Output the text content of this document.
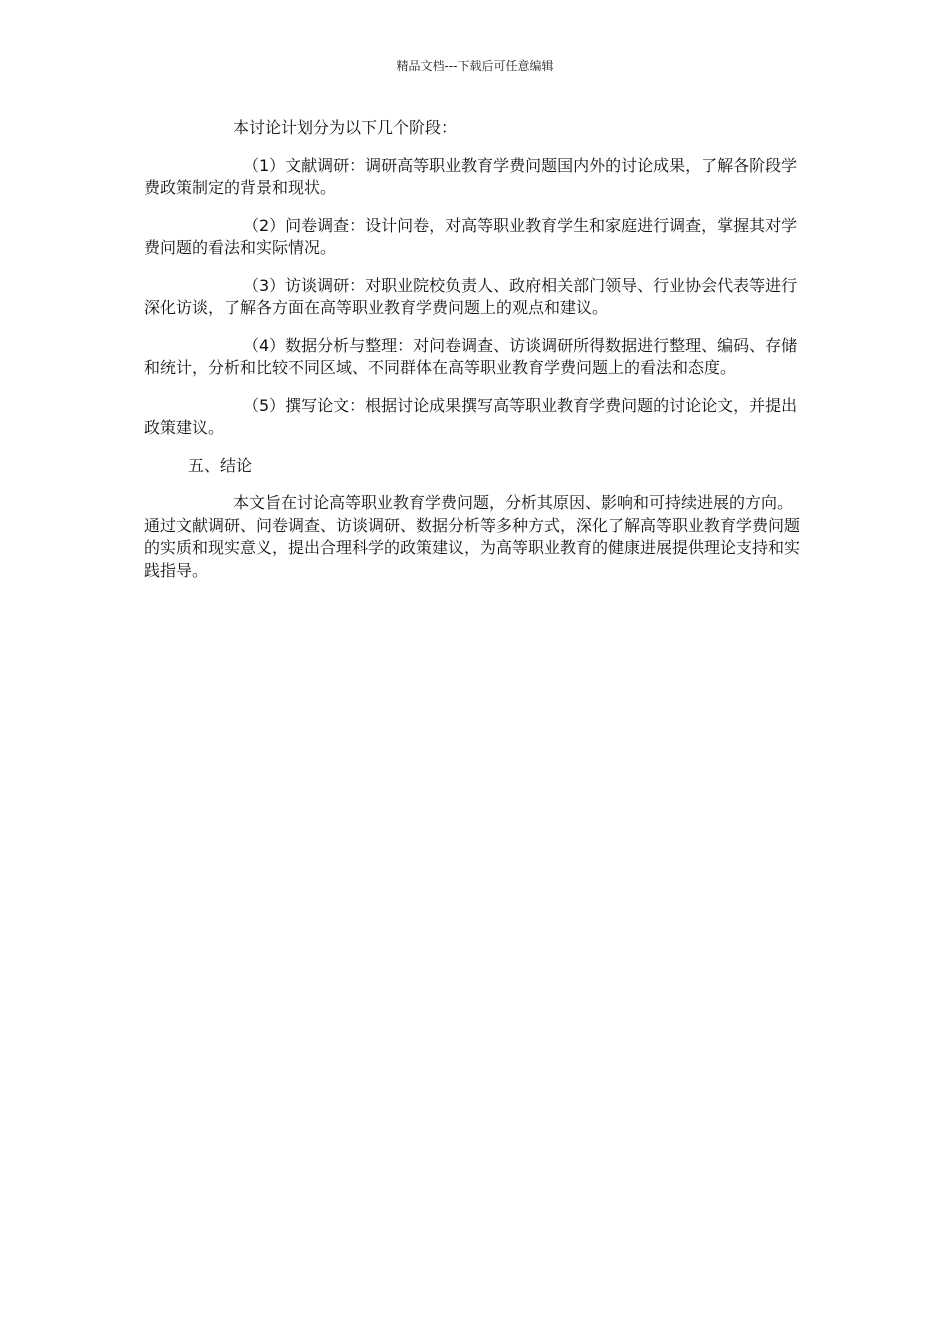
精品文档---下载后可任意编辑

本讨论计划分为以下几个阶段：

（1）文献调研：调研高等职业教育学费问题国内外的讨论成果，了解各阶段学费政策制定的背景和现状。

（2）问卷调查：设计问卷，对高等职业教育学生和家庭进行调查，掌握其对学费问题的看法和实际情况。

（3）访谈调研：对职业院校负责人、政府相关部门领导、行业协会代表等进行深化访谈，了解各方面在高等职业教育学费问题上的观点和建议。

（4）数据分析与整理：对问卷调查、访谈调研所得数据进行整理、编码、存储和统计，分析和比较不同区域、不同群体在高等职业教育学费问题上的看法和态度。

（5）撰写论文：根据讨论成果撰写高等职业教育学费问题的讨论论文，并提出政策建议。

五、结论

本文旨在讨论高等职业教育学费问题，分析其原因、影响和可持续进展的方向。通过文献调研、问卷调查、访谈调研、数据分析等多种方式，深化了解高等职业教育学费问题的实质和现实意义，提出合理科学的政策建议，为高等职业教育的健康进展提供理论支持和实践指导。
